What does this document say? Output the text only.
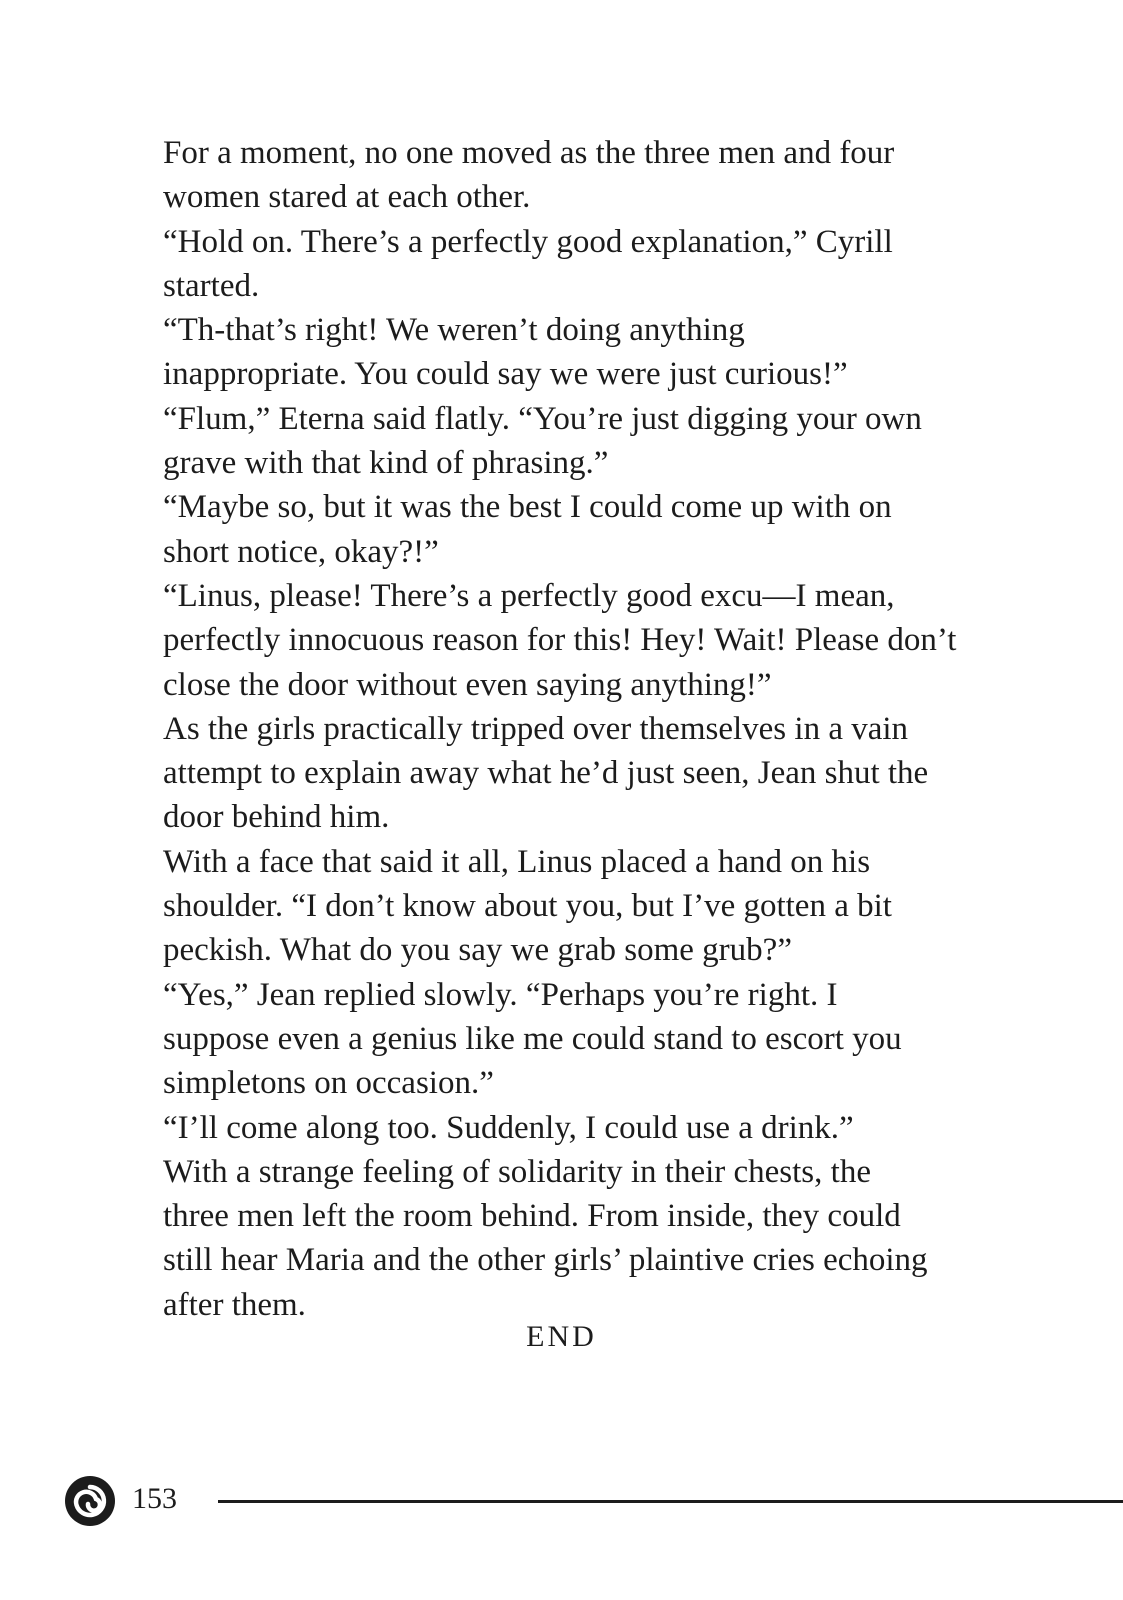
For a moment, no one moved as the three men and four
women stared at each other.

“Hold on. There’s a perfectly good explanation,” Cyrill
started.

“Th-that’s right! We weren’t doing anything
inappropriate. You could say we were just curious!”

“Flum,” Eterna said flatly. “You’re just digging your own
grave with that kind of phrasing.”

“Maybe so, but it was the best I could come up with on
short notice, okay?!”

“Linus, please! There’s a perfectly good excu—I mean,
perfectly innocuous reason for this! Hey! Wait! Please don’t
close the door without even saying anything!”

As the girls practically tripped over themselves in a vain
attempt to explain away what he’d just seen, Jean shut the
door behind him.

With a face that said it all, Linus placed a hand on his
shoulder. “I don’t know about you, but I’ve gotten a bit
peckish. What do you say we grab some grub?”

“Yes,” Jean replied slowly. “Perhaps you’re right. I
suppose even a genius like me could stand to escort you
simpletons on occasion.”

“I’ll come along too. Suddenly, I could use a drink.”

With a strange feeling of solidarity in their chests, the
three men left the room behind. From inside, they could
still hear Maria and the other girls’ plaintive cries echoing
after them.

END
153
